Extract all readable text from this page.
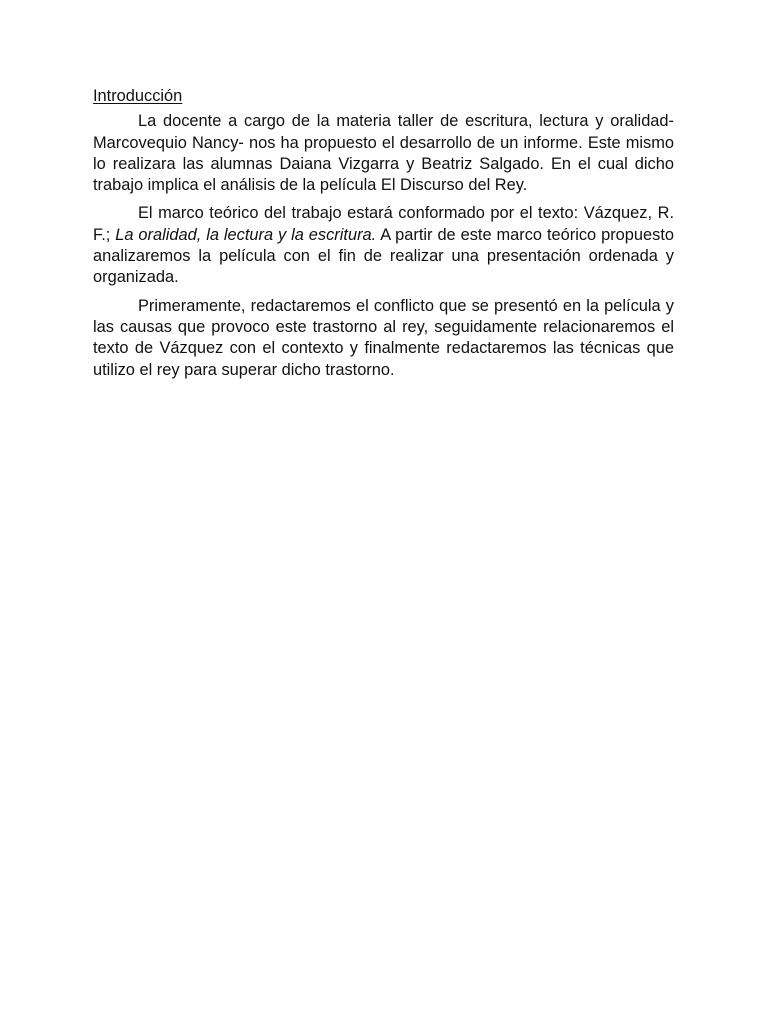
Introducción

La docente a cargo de la materia taller de escritura, lectura y oralidad- Marcovequio Nancy- nos ha propuesto el desarrollo de un informe. Este mismo lo realizara las alumnas Daiana Vizgarra y Beatriz Salgado. En el cual dicho trabajo implica el análisis de la película El Discurso del Rey.

El marco teórico del trabajo estará conformado por el texto: Vázquez, R. F.; La oralidad, la lectura y la escritura. A partir de este marco teórico propuesto analizaremos la película con el fin de realizar una presentación ordenada y organizada.

Primeramente, redactaremos el conflicto que se presentó en la película y las causas que provoco este trastorno al rey, seguidamente relacionaremos el texto de Vázquez con el contexto y finalmente redactaremos las técnicas que utilizo el rey para superar dicho trastorno.
